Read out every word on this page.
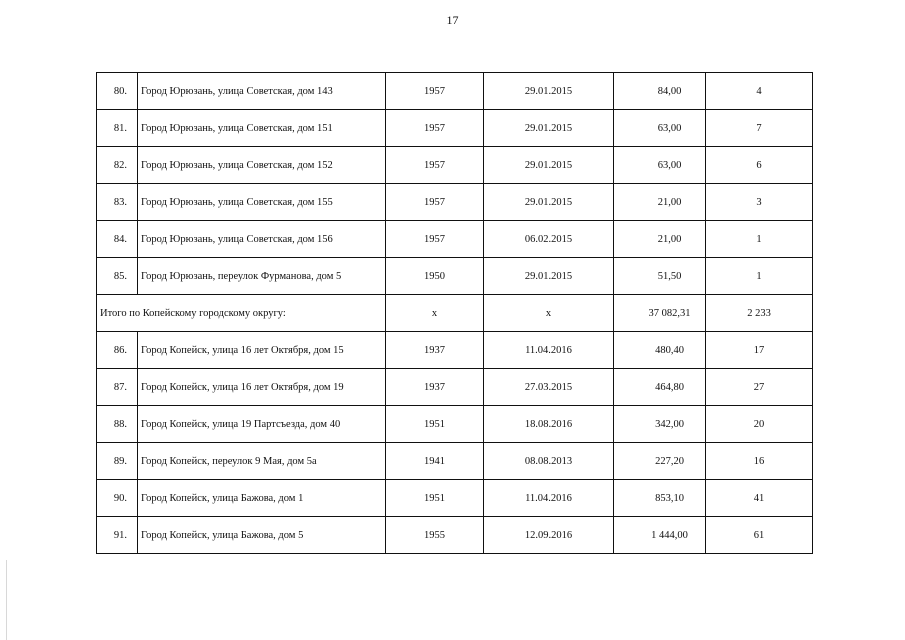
17
80.	Город Юрюзань, улица Советская, дом 143	1957	29.01.2015	84,00	4
81.	Город Юрюзань, улица Советская, дом 151	1957	29.01.2015	63,00	7
82.	Город Юрюзань, улица Советская, дом 152	1957	29.01.2015	63,00	6
83.	Город Юрюзань, улица Советская, дом 155	1957	29.01.2015	21,00	3
84.	Город Юрюзань, улица Советская, дом 156	1957	06.02.2015	21,00	1
85.	Город Юрюзань, переулок Фурманова, дом 5	1950	29.01.2015	51,50	1
Итого по Копейскому городскому округу:		х	х	37 082,31	2 233
86.	Город Копейск, улица 16 лет Октября, дом 15	1937	11.04.2016	480,40	17
87.	Город Копейск, улица 16 лет Октября, дом 19	1937	27.03.2015	464,80	27
88.	Город Копейск, улица 19 Партсъезда, дом 40	1951	18.08.2016	342,00	20
89.	Город Копейск, переулок 9 Мая, дом 5а	1941	08.08.2013	227,20	16
90.	Город Копейск, улица Бажова, дом 1	1951	11.04.2016	853,10	41
91.	Город Копейск, улица Бажова, дом 5	1955	12.09.2016	1 444,00	61
